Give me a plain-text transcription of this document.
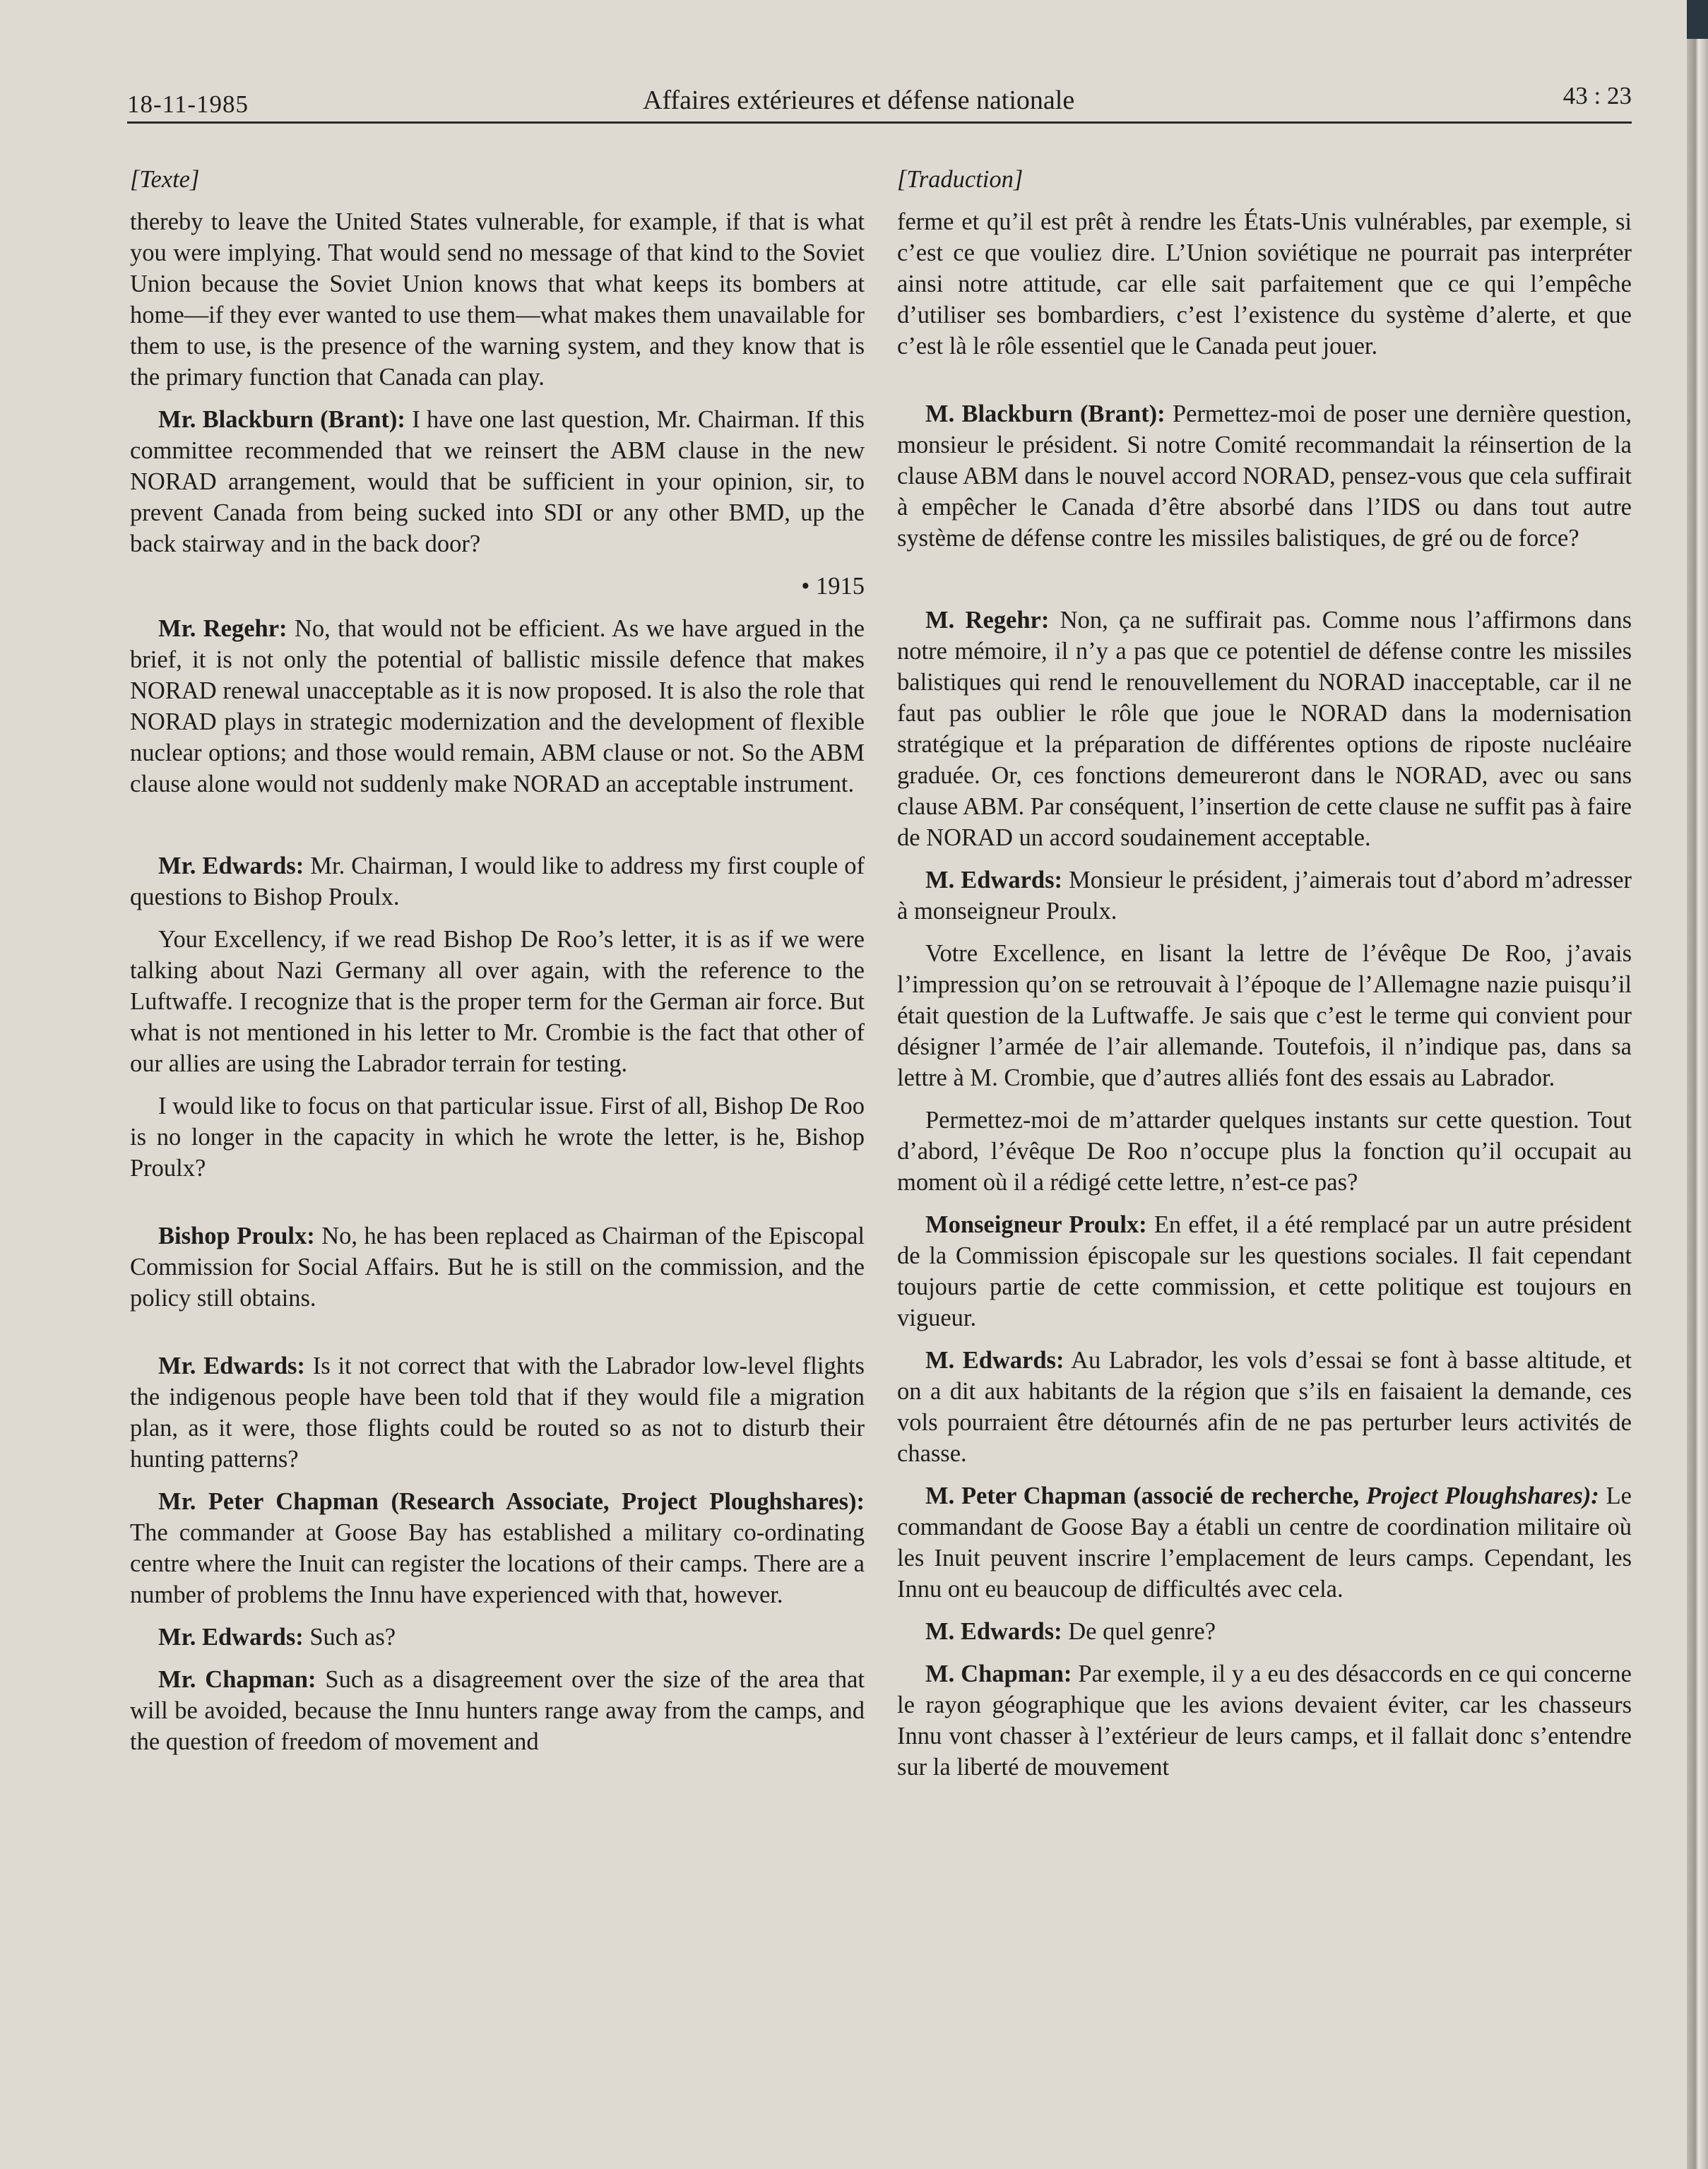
18-11-1985	Affaires extérieures et défense nationale	43 : 23

[Texte]

thereby to leave the United States vulnerable, for example, if that is what you were implying. That would send no message of that kind to the Soviet Union because the Soviet Union knows that what keeps its bombers at home—if they ever wanted to use them—what makes them unavailable for them to use, is the presence of the warning system, and they know that is the primary function that Canada can play.

Mr. Blackburn (Brant): I have one last question, Mr. Chairman. If this committee recommended that we reinsert the ABM clause in the new NORAD arrangement, would that be sufficient in your opinion, sir, to prevent Canada from being sucked into SDI or any other BMD, up the back stairway and in the back door?

• 1915

Mr. Regehr: No, that would not be efficient. As we have argued in the brief, it is not only the potential of ballistic missile defence that makes NORAD renewal unacceptable as it is now proposed. It is also the role that NORAD plays in strategic modernization and the development of flexible nuclear options; and those would remain, ABM clause or not. So the ABM clause alone would not suddenly make NORAD an acceptable instrument.

Mr. Edwards: Mr. Chairman, I would like to address my first couple of questions to Bishop Proulx.

Your Excellency, if we read Bishop De Roo’s letter, it is as if we were talking about Nazi Germany all over again, with the reference to the Luftwaffe. I recognize that is the proper term for the German air force. But what is not mentioned in his letter to Mr. Crombie is the fact that other of our allies are using the Labrador terrain for testing.

I would like to focus on that particular issue. First of all, Bishop De Roo is no longer in the capacity in which he wrote the letter, is he, Bishop Proulx?

Bishop Proulx: No, he has been replaced as Chairman of the Episcopal Commission for Social Affairs. But he is still on the commission, and the policy still obtains.

Mr. Edwards: Is it not correct that with the Labrador low-level flights the indigenous people have been told that if they would file a migration plan, as it were, those flights could be routed so as not to disturb their hunting patterns?

Mr. Peter Chapman (Research Associate, Project Ploughshares): The commander at Goose Bay has established a military co-ordinating centre where the Inuit can register the locations of their camps. There are a number of problems the Innu have experienced with that, however.

Mr. Edwards: Such as?

Mr. Chapman: Such as a disagreement over the size of the area that will be avoided, because the Innu hunters range away from the camps, and the question of freedom of movement and

[Traduction]

ferme et qu’il est prêt à rendre les États-Unis vulnérables, par exemple, si c’est ce que vouliez dire. L’Union soviétique ne pourrait pas interpréter ainsi notre attitude, car elle sait parfaitement que ce qui l’empêche d’utiliser ses bombardiers, c’est l’existence du système d’alerte, et que c’est là le rôle essentiel que le Canada peut jouer.

M. Blackburn (Brant): Permettez-moi de poser une dernière question, monsieur le président. Si notre Comité recommandait la réinsertion de la clause ABM dans le nouvel accord NORAD, pensez-vous que cela suffirait à empêcher le Canada d’être absorbé dans l’IDS ou dans tout autre système de défense contre les missiles balistiques, de gré ou de force?

M. Regehr: Non, ça ne suffirait pas. Comme nous l’affirmons dans notre mémoire, il n’y a pas que ce potentiel de défense contre les missiles balistiques qui rend le renouvellement du NORAD inacceptable, car il ne faut pas oublier le rôle que joue le NORAD dans la modernisation stratégique et la préparation de différentes options de riposte nucléaire graduée. Or, ces fonctions demeureront dans le NORAD, avec ou sans clause ABM. Par conséquent, l’insertion de cette clause ne suffit pas à faire de NORAD un accord soudainement acceptable.

M. Edwards: Monsieur le président, j’aimerais tout d’abord m’adresser à monseigneur Proulx.

Votre Excellence, en lisant la lettre de l’évêque De Roo, j’avais l’impression qu’on se retrouvait à l’époque de l’Allemagne nazie puisqu’il était question de la Luftwaffe. Je sais que c’est le terme qui convient pour désigner l’armée de l’air allemande. Toutefois, il n’indique pas, dans sa lettre à M. Crombie, que d’autres alliés font des essais au Labrador.

Permettez-moi de m’attarder quelques instants sur cette question. Tout d’abord, l’évêque De Roo n’occupe plus la fonction qu’il occupait au moment où il a rédigé cette lettre, n’est-ce pas?

Monseigneur Proulx: En effet, il a été remplacé par un autre président de la Commission épiscopale sur les questions sociales. Il fait cependant toujours partie de cette commission, et cette politique est toujours en vigueur.

M. Edwards: Au Labrador, les vols d’essai se font à basse altitude, et on a dit aux habitants de la région que s’ils en faisaient la demande, ces vols pourraient être détournés afin de ne pas perturber leurs activités de chasse.

M. Peter Chapman (associé de recherche, Project Ploughshares): Le commandant de Goose Bay a établi un centre de coordination militaire où les Inuit peuvent inscrire l’emplacement de leurs camps. Cependant, les Innu ont eu beaucoup de difficultés avec cela.

M. Edwards: De quel genre?

M. Chapman: Par exemple, il y a eu des désaccords en ce qui concerne le rayon géographique que les avions devaient éviter, car les chasseurs Innu vont chasser à l’extérieur de leurs camps, et il fallait donc s’entendre sur la liberté de mouvement
